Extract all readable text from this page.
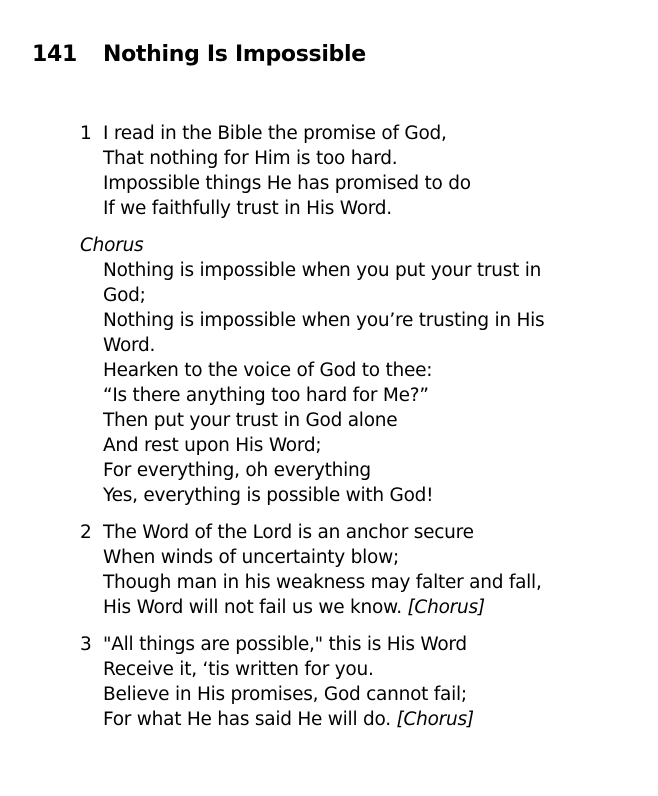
141 Nothing Is Impossible
1 I read in the Bible the promise of God,
That nothing for Him is too hard.
Impossible things He has promised to do
If we faithfully trust in His Word.
Chorus
Nothing is impossible when you put your trust in
God;
Nothing is impossible when you’re trusting in His
Word.
Hearken to the voice of God to thee:
“Is there anything too hard for Me?”
Then put your trust in God alone
And rest upon His Word;
For everything, oh everything
Yes, everything is possible with God!
2 The Word of the Lord is an anchor secure
When winds of uncertainty blow;
Though man in his weakness may falter and fall,
His Word will not fail us we know. [Chorus]
3 "All things are possible," this is His Word
Receive it, ‘tis written for you.
Believe in His promises, God cannot fail;
For what He has said He will do. [Chorus]
